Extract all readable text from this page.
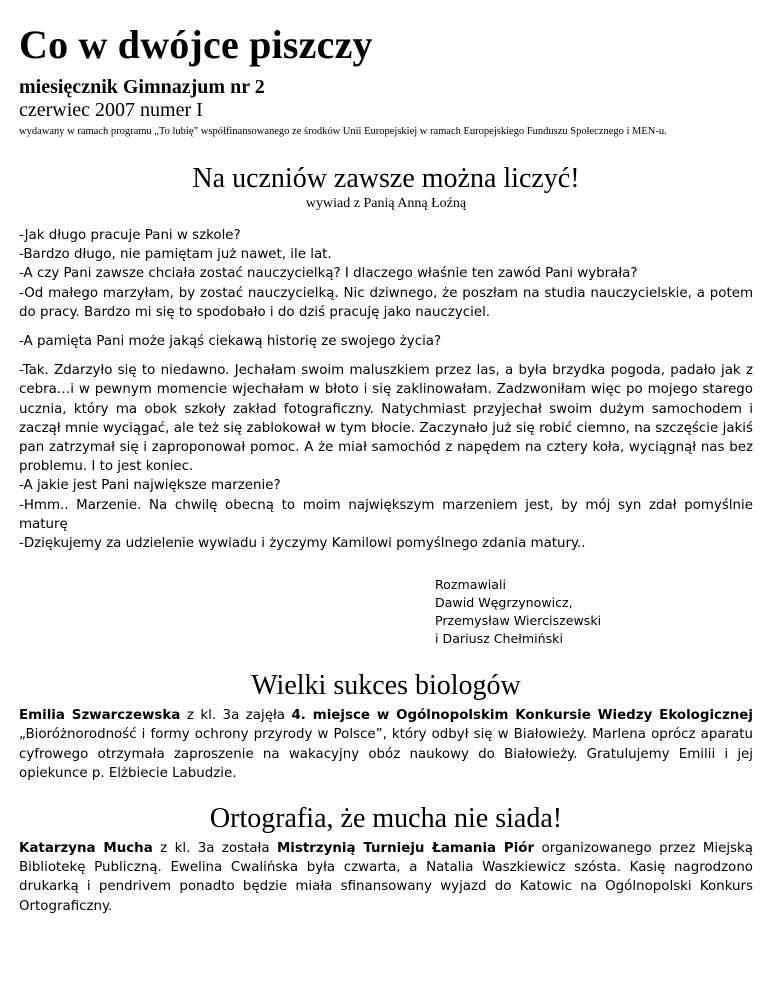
Co w dwójce piszczy
miesięcznik Gimnazjum nr 2
czerwiec 2007 numer I
wydawany w ramach programu „To lubię” współfinansowanego ze środków Unii Europejskiej w ramach Europejskiego Funduszu Społecznego i MEN-u.
Na uczniów zawsze można liczyć!
wywiad z Panią Anną Łoźną

-Jak długo pracuje Pani w szkole?

-Bardzo długo, nie pamiętam już nawet, ile lat.

-A czy Pani zawsze chciała zostać nauczycielką? I dlaczego właśnie ten zawód Pani wybrała?

-Od małego marzyłam, by zostać nauczycielką. Nic dziwnego, że poszłam na studia nauczycielskie, a potem do pracy. Bardzo mi się to spodobało i do dziś pracuję jako nauczyciel.

-A pamięta Pani może jakąś ciekawą historię ze swojego życia?

-Tak. Zdarzyło się to niedawno. Jechałam swoim maluszkiem przez las, a była brzydka pogoda, padało jak z cebra…i w pewnym momencie wjechałam w błoto i się zaklinowałam. Zadzwoniłam więc po mojego starego ucznia, który ma obok szkoły zakład fotograficzny. Natychmiast przyjechał swoim dużym samochodem i zaczął mnie wyciągać, ale też się zablokował w tym błocie. Zaczynało już się robić ciemno, na szczęście jakiś pan zatrzymał się i zaproponował pomoc. A że miał samochód z napędem na cztery koła, wyciągnął nas bez problemu. I to jest koniec.

-A jakie jest Pani największe marzenie?

-Hmm.. Marzenie. Na chwilę obecną to moim największym marzeniem jest, by mój syn zdał pomyślnie maturę

-Dziękujemy za udzielenie wywiadu i życzymy Kamilowi pomyślnego zdania matury..

Rozmawiali
Dawid Węgrzynowicz,
Przemysław Wierciszewski
i Dariusz Chełmiński
Wielki sukces biologów

Emilia Szwarczewska z kl. 3a zajęła 4. miejsce w Ogólnopolskim Konkursie Wiedzy Ekologicznej „Bioróżnorodność i formy ochrony przyrody w Polsce”, który odbył się w Białowieży. Marlena oprócz aparatu cyfrowego otrzymała zaproszenie na wakacyjny obóz naukowy do Białowieży. Gratulujemy Emilii i jej opiekunce p. Elżbiecie Labudzie.

Ortografia, że mucha nie siada!

Katarzyna Mucha z kl. 3a została Mistrzynią Turnieju Łamania Piór organizowanego przez Miejską Bibliotekę Publiczną. Ewelina Cwalińska była czwarta, a Natalia Waszkiewicz szósta. Kasię nagrodzono drukarką i pendrivem ponadto będzie miała sfinansowany wyjazd do Katowic na Ogólnopolski Konkurs Ortograficzny.
